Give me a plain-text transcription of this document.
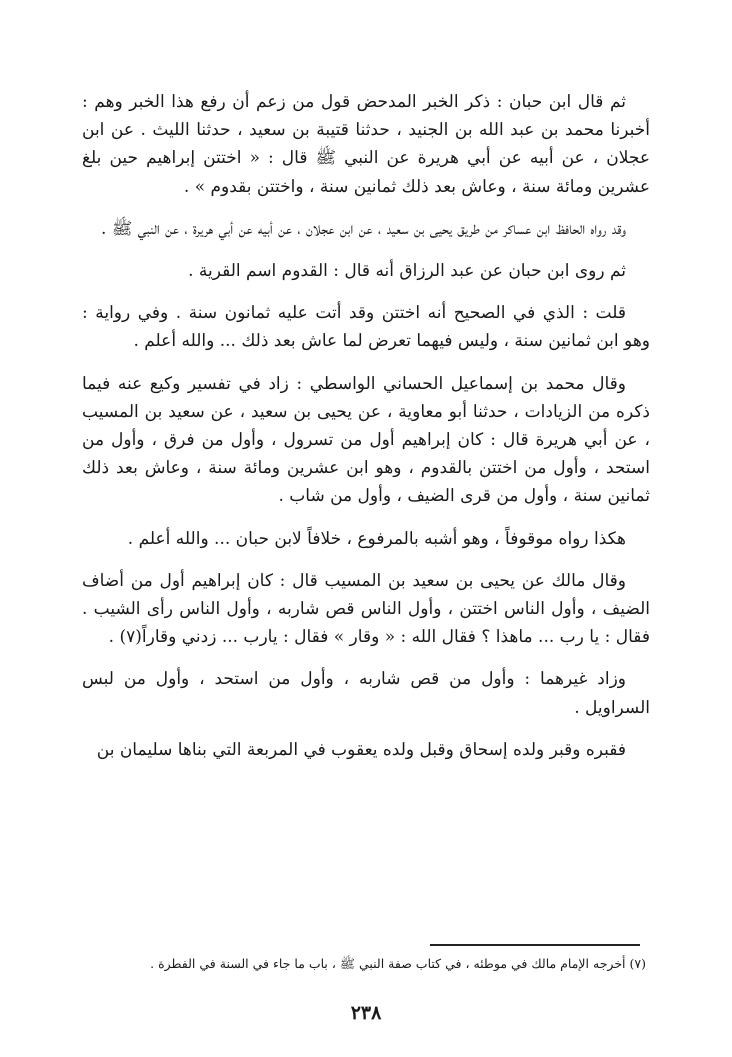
ثم قال ابن حبان : ذكر الخبر المدحض قول من زعم أن رفع هذا الخبر وهم : أخبرنا محمد بن عبد الله بن الجنيد ، حدثنا قتيبة بن سعيد ، حدثنا الليث . عن ابن عجلان ، عن أبيه عن أبي هريرة عن النبي ﷺ قال : « اختتن إبراهيم حين بلغ عشرين ومائة سنة ، وعاش بعد ذلك ثمانين سنة ، واختتن بقدوم » .

وقد رواه الحافظ ابن عساكر من طريق يحيى بن سعيد ، عن ابن عجلان ، عن أبيه عن أبي هريرة ، عن النبي ﷺ .

ثم روى ابن حبان عن عبد الرزاق أنه قال : القدوم اسم القرية .

قلت : الذي في الصحيح أنه اختتن وقد أتت عليه ثمانون سنة . وفي رواية : وهو ابن ثمانين سنة ، وليس فيهما تعرض لما عاش بعد ذلك ... والله أعلم .

وقال محمد بن إسماعيل الحساني الواسطي : زاد في تفسير وكيع عنه فيما ذكره من الزيادات ، حدثنا أبو معاوية ، عن يحيى بن سعيد ، عن سعيد بن المسيب ، عن أبي هريرة قال : كان إبراهيم أول من تسرول ، وأول من فرق ، وأول من استحد ، وأول من اختتن بالقدوم ، وهو ابن عشرين ومائة سنة ، وعاش بعد ذلك ثمانين سنة ، وأول من قرى الضيف ، وأول من شاب .

هكذا رواه موقوفاً ، وهو أشبه بالمرفوع ، خلافاً لابن حبان ... والله أعلم .

وقال مالك عن يحيى بن سعيد بن المسيب قال : كان إبراهيم أول من أضاف الضيف ، وأول الناس اختتن ، وأول الناس قص شاربه ، وأول الناس رأى الشيب . فقال : يا رب ... ماهذا ؟ فقال الله : « وقار » فقال : يارب ... زدني وقاراً(٧) .

وزاد غيرهما : وأول من قص شاربه ، وأول من استحد ، وأول من لبس السراويل .

فقبره وقبر ولده إسحاق وقبل ولده يعقوب في المربعة التي بناها سليمان بن

(٧) أخرجه الإمام مالك في موطئه ، في كتاب صفة النبي ﷺ ، باب ما جاء في السنة في الفطرة .
٢٣٨
